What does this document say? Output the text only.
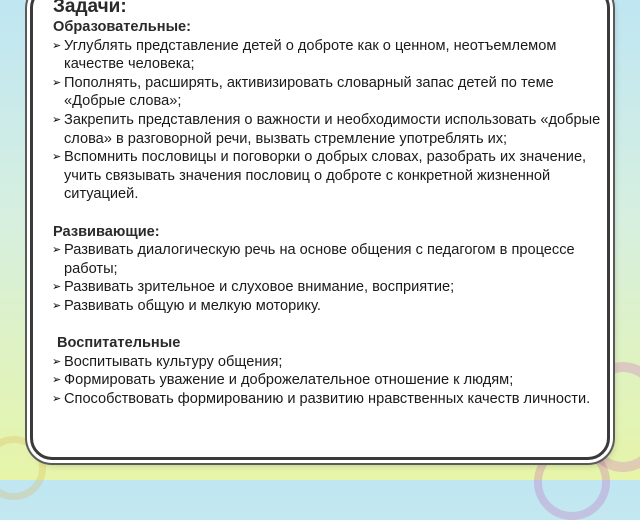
Задачи:
Образовательные:
➢ Углублять представление детей о доброте как о ценном, неотъемлемом качестве человека;
➢ Пополнять, расширять, активизировать словарный запас детей по теме «Добрые слова»;
➢ Закрепить представления о важности и необходимости использовать «добрые слова» в разговорной речи, вызвать стремление употреблять их;
➢ Вспомнить пословицы и поговорки о добрых словах, разобрать их значение, учить связывать значения пословиц о доброте с конкретной жизненной ситуацией.
Развивающие:
➢ Развивать диалогическую речь на основе общения с педагогом в процессе работы;
➢ Развивать зрительное и слуховое внимание, восприятие;
➢ Развивать общую и мелкую моторику.
Воспитательные
➢ Воспитывать культуру общения;
➢ Формировать уважение и доброжелательное отношение к людям;
➢ Способствовать формированию и развитию нравственных качеств личности.
